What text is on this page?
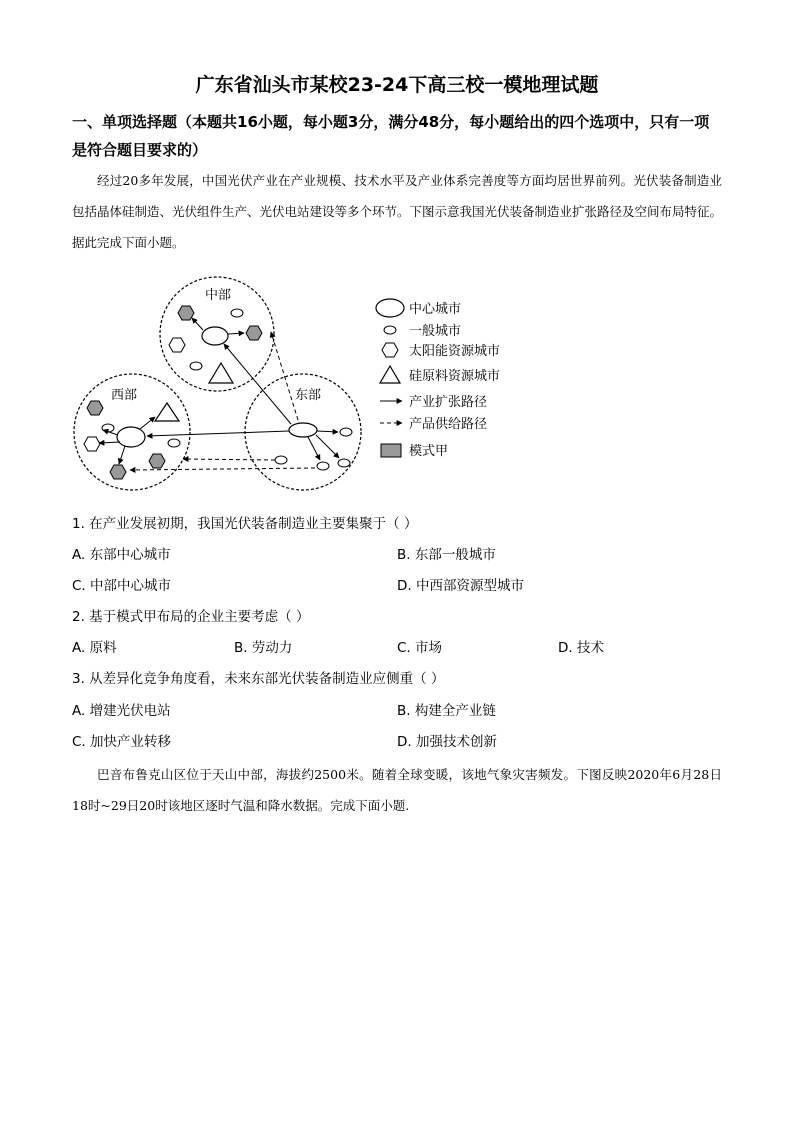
广东省汕头市某校23-24下高三校一模地理试题
一、单项选择题（本题共16小题，每小题3分，满分48分，每小题给出的四个选项中，只有一项是符合题目要求的）
经过20多年发展，中国光伏产业在产业规模、技术水平及产业体系完善度等方面均居世界前列。光伏装备制造业包括晶体硅制造、光伏组件生产、光伏电站建设等多个环节。下图示意我国光伏装备制造业扩张路径及空间布局特征。据此完成下面小题。
中部
西部	东部
中心城市
一般城市
太阳能资源城市
硅原料资源城市
产业扩张路径
产品供给路径
模式甲
1. 在产业发展初期，我国光伏装备制造业主要集聚于（ ）
A. 东部中心城市	B. 东部一般城市
C. 中部中心城市	D. 中西部资源型城市
2. 基于模式甲布局的企业主要考虑（ ）
A. 原料	B. 劳动力	C. 市场	D. 技术
3. 从差异化竞争角度看，未来东部光伏装备制造业应侧重（ ）
A. 增建光伏电站	B. 构建全产业链
C. 加快产业转移	D. 加强技术创新
巴音布鲁克山区位于天山中部，海拔约2500米。随着全球变暖，该地气象灾害频发。下图反映2020年6月28日18时~29日20时该地区逐时气温和降水数据。完成下面小题.
